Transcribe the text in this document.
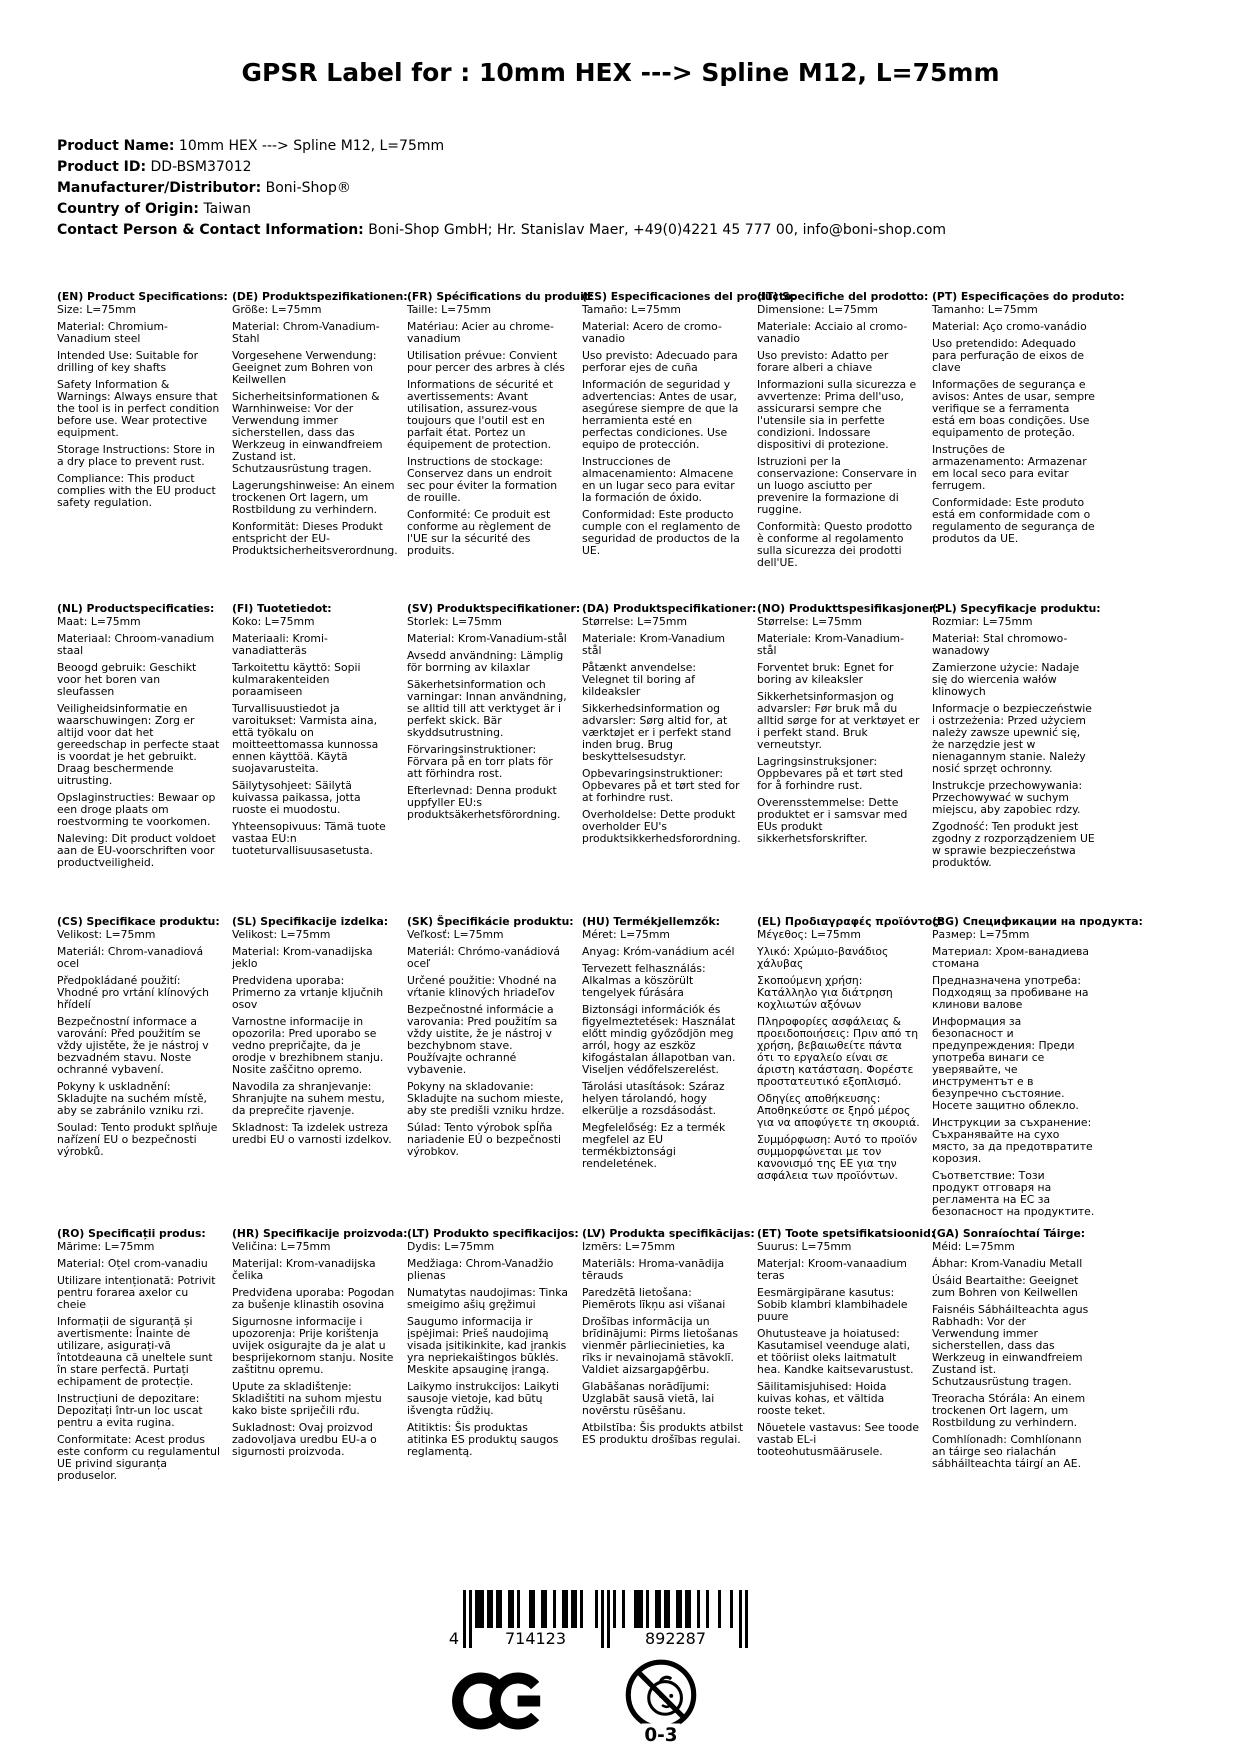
GPSR Label for : 10mm HEX ---> Spline M12, L=75mm
Product Name: 10mm HEX ---> Spline M12, L=75mm
Product ID: DD-BSM37012
Manufacturer/Distributor: Boni-Shop®
Country of Origin: Taiwan
Contact Person & Contact Information: Boni-Shop GmbH; Hr. Stanislav Maer, +49(0)4221 45 777 00, info@boni-shop.com
(EN) Product Specifications:

Size: L=75mm

Material: Chromium-Vanadium steel

Intended Use: Suitable for drilling of key shafts

Safety Information & Warnings: Always ensure that the tool is in perfect condition before use. Wear protective equipment.

Storage Instructions: Store in a dry place to prevent rust.

Compliance: This product complies with the EU product safety regulation.

(DE) Produktspezifikationen:

Größe: L=75mm

Material: Chrom-Vanadium-Stahl

Vorgesehene Verwendung: Geeignet zum Bohren von Keilwellen

Sicherheitsinformationen & Warnhinweise: Vor der Verwendung immer sicherstellen, dass das Werkzeug in einwandfreiem Zustand ist. Schutzausrüstung tragen.

Lagerungshinweise: An einem trockenen Ort lagern, um Rostbildung zu verhindern.

Konformität: Dieses Produkt entspricht der EU-Produktsicherheitsverordnung.

(FR) Spécifications du produit:

Taille: L=75mm

Matériau: Acier au chrome-vanadium

Utilisation prévue: Convient pour percer des arbres à clés

Informations de sécurité et avertissements: Avant utilisation, assurez-vous toujours que l'outil est en parfait état. Portez un équipement de protection.

Instructions de stockage: Conservez dans un endroit sec pour éviter la formation de rouille.

Conformité: Ce produit est conforme au règlement de l'UE sur la sécurité des produits.

(ES) Especificaciones del producto:

Tamaño: L=75mm

Material: Acero de cromo-vanadio

Uso previsto: Adecuado para perforar ejes de cuña

Información de seguridad y advertencias: Antes de usar, asegúrese siempre de que la herramienta esté en perfectas condiciones. Use equipo de protección.

Instrucciones de almacenamiento: Almacene en un lugar seco para evitar la formación de óxido.

Conformidad: Este producto cumple con el reglamento de seguridad de productos de la UE.

(IT) Specifiche del prodotto:

Dimensione: L=75mm

Materiale: Acciaio al cromo-vanadio

Uso previsto: Adatto per forare alberi a chiave

Informazioni sulla sicurezza e avvertenze: Prima dell'uso, assicurarsi sempre che l'utensile sia in perfette condizioni. Indossare dispositivi di protezione.

Istruzioni per la conservazione: Conservare in un luogo asciutto per prevenire la formazione di ruggine.

Conformità: Questo prodotto è conforme al regolamento sulla sicurezza dei prodotti dell'UE.

(PT) Especificações do produto:

Tamanho: L=75mm

Material: Aço cromo-vanádio

Uso pretendido: Adequado para perfuração de eixos de clave

Informações de segurança e avisos: Antes de usar, sempre verifique se a ferramenta está em boas condições. Use equipamento de proteção.

Instruções de armazenamento: Armazenar em local seco para evitar ferrugem.

Conformidade: Este produto está em conformidade com o regulamento de segurança de produtos da UE.

(NL) Productspecificaties:

Maat: L=75mm

Materiaal: Chroom-vanadium staal

Beoogd gebruik: Geschikt voor het boren van sleufassen

Veiligheidsinformatie en waarschuwingen: Zorg er altijd voor dat het gereedschap in perfecte staat is voordat je het gebruikt. Draag beschermende uitrusting.

Opslaginstructies: Bewaar op een droge plaats om roestvorming te voorkomen.

Naleving: Dit product voldoet aan de EU-voorschriften voor productveiligheid.

(FI) Tuotetiedot:

Koko: L=75mm

Materiaali: Kromi-vanadiatteräs

Tarkoitettu käyttö: Sopii kulmarakenteiden poraamiseen

Turvallisuustiedot ja varoitukset: Varmista aina, että työkalu on moitteettomassa kunnossa ennen käyttöä. Käytä suojavarusteita.

Säilytysohjeet: Säilytä kuivassa paikassa, jotta ruoste ei muodostu.

Yhteensopivuus: Tämä tuote vastaa EU:n tuoteturvallisuusasetusta.

(SV) Produktspecifikationer:

Storlek: L=75mm

Material: Krom-Vanadium-stål

Avsedd användning: Lämplig för borrning av kilaxlar

Säkerhetsinformation och varningar: Innan användning, se alltid till att verktyget är i perfekt skick. Bär skyddsutrustning.

Förvaringsinstruktioner: Förvara på en torr plats för att förhindra rost.

Efterlevnad: Denna produkt uppfyller EU:s produktsäkerhetsförordning.

(DA) Produktspecifikationer:

Størrelse: L=75mm

Materiale: Krom-Vanadium stål

Påtænkt anvendelse: Velegnet til boring af kildeaksler

Sikkerhedsinformation og advarsler: Sørg altid for, at værktøjet er i perfekt stand inden brug. Brug beskyttelsesudstyr.

Opbevaringsinstruktioner: Opbevares på et tørt sted for at forhindre rust.

Overholdelse: Dette produkt overholder EU's produktsikkerhedsforordning.

(NO) Produkttspesifikasjoner:

Størrelse: L=75mm

Materiale: Krom-Vanadium-stål

Forventet bruk: Egnet for boring av kileaksler

Sikkerhetsinformasjon og advarsler: Før bruk må du alltid sørge for at verktøyet er i perfekt stand. Bruk verneutstyr.

Lagringsinstruksjoner: Oppbevares på et tørt sted for å forhindre rust.

Overensstemmelse: Dette produktet er i samsvar med EUs produkt sikkerhetsforskrifter.

(PL) Specyfikacje produktu:

Rozmiar: L=75mm

Materiał: Stal chromowo-wanadowy

Zamierzone użycie: Nadaje się do wiercenia wałów klinowych

Informacje o bezpieczeństwie i ostrzeżenia: Przed użyciem należy zawsze upewnić się, że narzędzie jest w nienagannym stanie. Należy nosić sprzęt ochronny.

Instrukcje przechowywania: Przechowywać w suchym miejscu, aby zapobiec rdzy.

Zgodność: Ten produkt jest zgodny z rozporządzeniem UE w sprawie bezpieczeństwa produktów.

(CS) Specifikace produktu:

Velikost: L=75mm

Materiál: Chrom-vanadiová ocel

Předpokládané použití: Vhodné pro vrtání klínových hřídelí

Bezpečnostní informace a varování: Před použitím se vždy ujistěte, že je nástroj v bezvadném stavu. Noste ochranné vybavení.

Pokyny k uskladnění: Skladujte na suchém místě, aby se zabránilo vzniku rzi.

Soulad: Tento produkt splňuje nařízení EU o bezpečnosti výrobků.

(SL) Specifikacije izdelka:

Velikost: L=75mm

Material: Krom-vanadijska jeklo

Predvidena uporaba: Primerno za vrtanje ključnih osov

Varnostne informacije in opozorila: Pred uporabo se vedno prepričajte, da je orodje v brezhibnem stanju. Nosite zaščitno opremo.

Navodila za shranjevanje: Shranjujte na suhem mestu, da preprečite rjavenje.

Skladnost: Ta izdelek ustreza uredbi EU o varnosti izdelkov.

(SK) Špecifikácie produktu:

Veľkosť: L=75mm

Materiál: Chrómo-vanádiová oceľ

Určené použitie: Vhodné na vŕtanie klinových hriadeľov

Bezpečnostné informácie a varovania: Pred použitím sa vždy uistite, že je nástroj v bezchybnom stave. Používajte ochranné vybavenie.

Pokyny na skladovanie: Skladujte na suchom mieste, aby ste predišli vzniku hrdze.

Súlad: Tento výrobok spĺňa nariadenie EÚ o bezpečnosti výrobkov.

(HU) Termékjellemzők:

Méret: L=75mm

Anyag: Króm-vanádium acél

Tervezett felhasználás: Alkalmas a köszörült tengelyek fúrására

Biztonsági információk és figyelmeztetések: Használat előtt mindig győződjön meg arról, hogy az eszköz kifogástalan állapotban van. Viseljen védőfelszerelést.

Tárolási utasítások: Száraz helyen tárolandó, hogy elkerülje a rozsdásodást.

Megfelelőség: Ez a termék megfelel az EU termékbiztonsági rendeletének.

(EL) Προδιαγραφές προϊόντος:

Μέγεθος: L=75mm

Υλικό: Χρώμιο-βανάδιος χάλυβας

Σκοπούμενη χρήση: Κατάλληλο για διάτρηση κοχλιωτών αξόνων

Πληροφορίες ασφάλειας & προειδοποιήσεις: Πριν από τη χρήση, βεβαιωθείτε πάντα ότι το εργαλείο είναι σε άριστη κατάσταση. Φορέστε προστατευτικό εξοπλισμό.

Οδηγίες αποθήκευσης: Αποθηκεύστε σε ξηρό μέρος για να αποφύγετε τη σκουριά.

Συμμόρφωση: Αυτό το προϊόν συμμορφώνεται με τον κανονισμό της ΕΕ για την ασφάλεια των προϊόντων.

(BG) Спецификации на продукта:

Размер: L=75mm

Материал: Хром-ванадиева стомана

Предназначена употреба: Подходящ за пробиване на клинови валове

Информация за безопасност и предупреждения: Преди употреба винаги се уверявайте, че инструментът е в безупречно състояние. Носете защитно облекло.

Инструкции за съхранение: Съхранявайте на сухо място, за да предотвратите корозия.

Съответствие: Този продукт отговаря на регламента на ЕС за безопасност на продуктите.

(RO) Specificații produs:

Mărime: L=75mm

Material: Oțel crom-vanadiu

Utilizare intenționată: Potrivit pentru forarea axelor cu cheie

Informații de siguranță și avertismente: Înainte de utilizare, asigurați-vă întotdeauna că uneltele sunt în stare perfectă. Purtați echipament de protecție.

Instrucțiuni de depozitare: Depozitați într-un loc uscat pentru a evita rugina.

Conformitate: Acest produs este conform cu regulamentul UE privind siguranța produselor.

(HR) Specifikacije proizvoda:

Veličina: L=75mm

Materijal: Krom-vanadijska čelika

Predviđena uporaba: Pogodan za bušenje klinastih osovina

Sigurnosne informacije i upozorenja: Prije korištenja uvijek osigurajte da je alat u besprijekornom stanju. Nosite zaštitnu opremu.

Upute za skladištenje: Skladištiti na suhom mjestu kako biste spriječili rđu.

Sukladnost: Ovaj proizvod zadovoljava uredbu EU-a o sigurnosti proizvoda.

(LT) Produkto specifikacijos:

Dydis: L=75mm

Medžiaga: Chrom-Vanadžio plienas

Numatytas naudojimas: Tinka smeigimo ašių gręžimui

Saugumo informacija ir įspėjimai: Prieš naudojimą visada įsitikinkite, kad įrankis yra nepriekaištingos būklės. Meskite apsauginę įrangą.

Laikymo instrukcijos: Laikyti sausoje vietoje, kad būtų išvengta rūdžių.

Atitiktis: Šis produktas atitinka ES produktų saugos reglamentą.

(LV) Produkta specifikācijas:

Izmērs: L=75mm

Materiāls: Hroma-vanādija tērauds

Paredzētā lietošana: Piemērots līkņu asi vīšanai

Drošības informācija un brīdinājumi: Pirms lietošanas vienmēr pārliecinieties, ka rīks ir nevainojamā stāvoklī. Valdiet aizsargapģērbu.

Glabāšanas norādījumi: Uzglabāt sausā vietā, lai novērstu rūsēšanu.

Atbilstība: Šis produkts atbilst ES produktu drošības regulai.

(ET) Toote spetsifikatsioonid:

Suurus: L=75mm

Materjal: Kroom-vanaadium teras

Eesmärgipärane kasutus: Sobib klambri klambihadele puure

Ohutusteave ja hoiatused: Kasutamisel veenduge alati, et tööriist oleks laitmatult hea. Kandke kaitsevarustust.

Säilitamisjuhised: Hoida kuivas kohas, et vältida rooste teket.

Nõuetele vastavus: See toode vastab EL-i tooteohutusmäärusele.

(GA) Sonraíochtaí Táirge:

Méid: L=75mm

Ábhar: Krom-Vanadiu Metall

Úsáid Beartaithe: Geeignet zum Bohren von Keilwellen

Faisnéis Sábháilteachta agus Rabhadh: Vor der Verwendung immer sicherstellen, dass das Werkzeug in einwandfreiem Zustand ist. Schutzausrüstung tragen.

Treoracha Stórála: An einem trockenen Ort lagern, um Rostbildung zu verhindern.

Comhlíonadh: Comhlíonann an táirge seo rialachán sábháilteachta táirgí an AE.

4	714123	892287
0-3
